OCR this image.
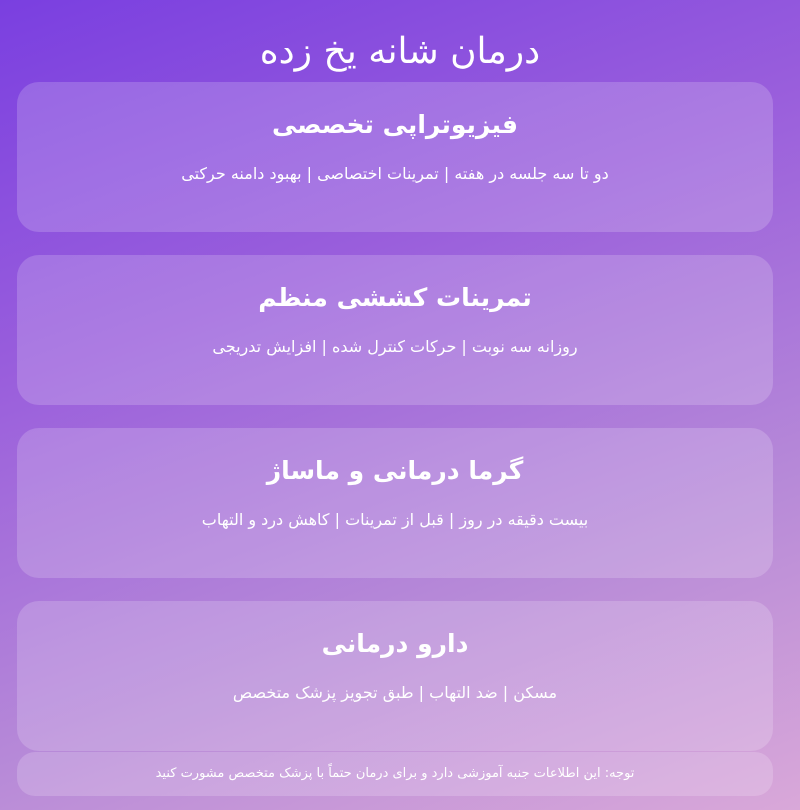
درمان شانه یخ زده
فیزیوتراپی تخصصی
دو تا سه جلسه در هفته | تمرینات اختصاصی | بهبود دامنه حرکتی
تمرینات کششی منظم
روزانه سه نوبت | حرکات کنترل شده | افزایش تدریجی
گرما درمانی و ماساژ
بیست دقیقه در روز | قبل از تمرینات | کاهش درد و التهاب
دارو درمانی
مسکن | ضد التهاب | طبق تجویز پزشک متخصص
توجه: این اطلاعات جنبه آموزشی دارد و برای درمان حتماً با پزشک متخصص مشورت کنید
